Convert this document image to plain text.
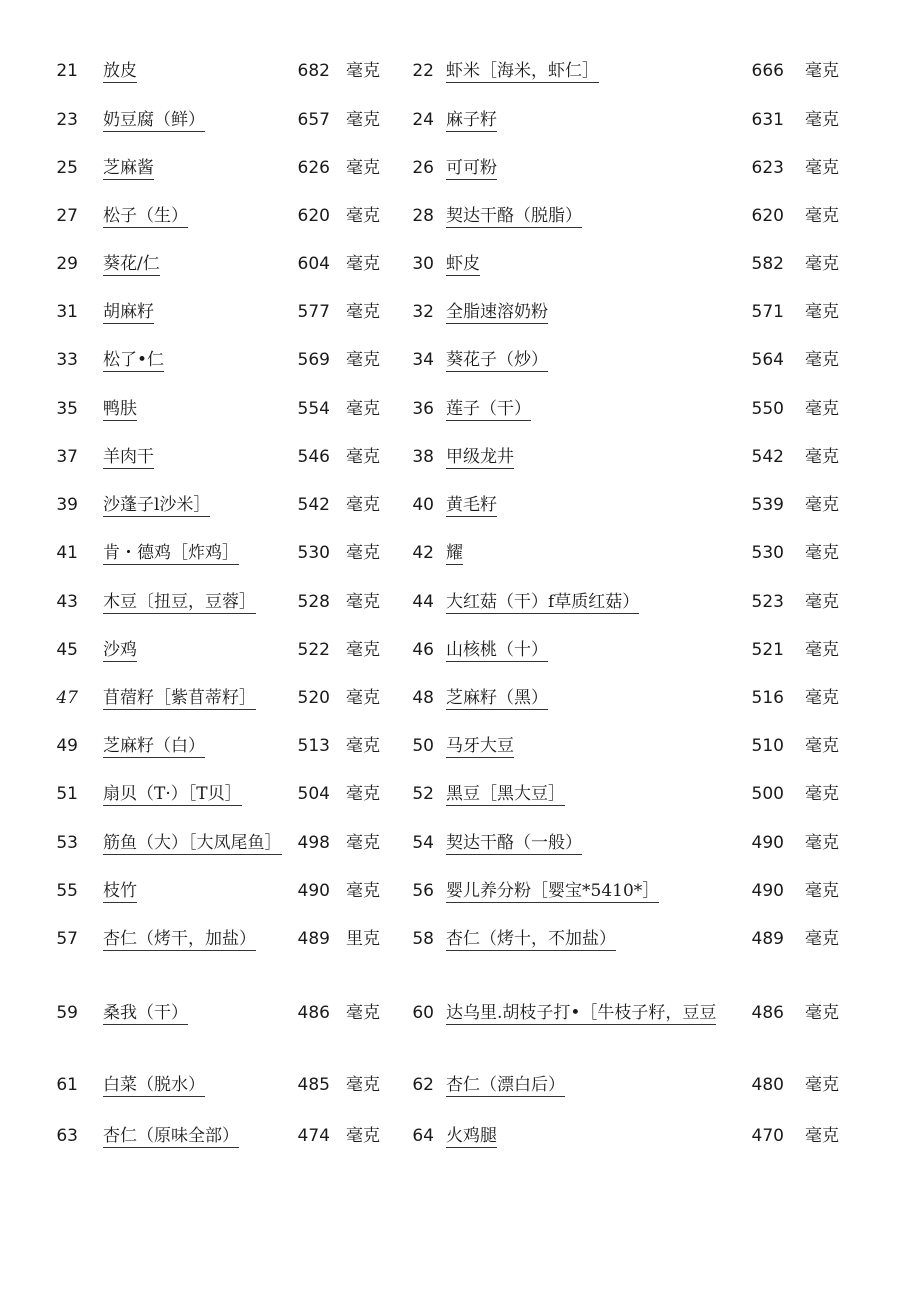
21 放皮	682 毫克	22 虾米［海米，虾仁］	666 毫克
23 奶豆腐（鲜）	657 毫克	24 麻子籽	631 毫克
25 芝麻酱	626 毫克	26 可可粉	623 毫克
27 松子（生）	620 毫克	28 契达干酪（脱脂）	620 毫克
29 葵花/仁	604 毫克	30 虾皮	582 毫克
31 胡麻籽	577 毫克	32 全脂速溶奶粉	571 毫克
33 松了•仁	569 毫克	34 葵花子（炒）	564 毫克
35 鸭肤	554 毫克	36 莲子（干）	550 毫克
37 羊肉干	546 毫克	38 甲级龙井	542 毫克
39 沙蓬子l沙米］	542 毫克	40 黄毛籽	539 毫克
41 肯・德鸡［炸鸡］	530 毫克	42 耀	530 毫克
43 木豆〔扭豆，豆蓉］	528 毫克	44 大红菇（干）f草质红菇）	523 毫克
45 沙鸡	522 毫克	46 山核桃（十）	521 毫克
47 苜蓿籽［紫苜蒂籽］	520 毫克	48 芝麻籽（黑）	516 毫克
49 芝麻籽（白）	513 毫克	50 马牙大豆	510 毫克
51 扇贝（T·）［T贝］	504 毫克	52 黑豆［黑大豆］	500 毫克
53 筋鱼（大）［大凤尾鱼］ 498 毫克	54 契达干酪（一般）	490 毫克
55 枝竹	490 毫克	56 婴儿养分粉［婴宝*5410*］	490 毫克
57 杏仁（烤干，加盐）	489 里克	58 杏仁（烤十，不加盐）	489 毫克
59 桑我（干）	486 毫克	60 达乌里.胡枝子打•［牛枝子籽，豆豆	486 毫克
61 白菜（脱水）	485 毫克	62 杏仁（漂白后）	480 毫克
63 杏仁（原味全部）	474 毫克	64 火鸡腿	470 毫克
